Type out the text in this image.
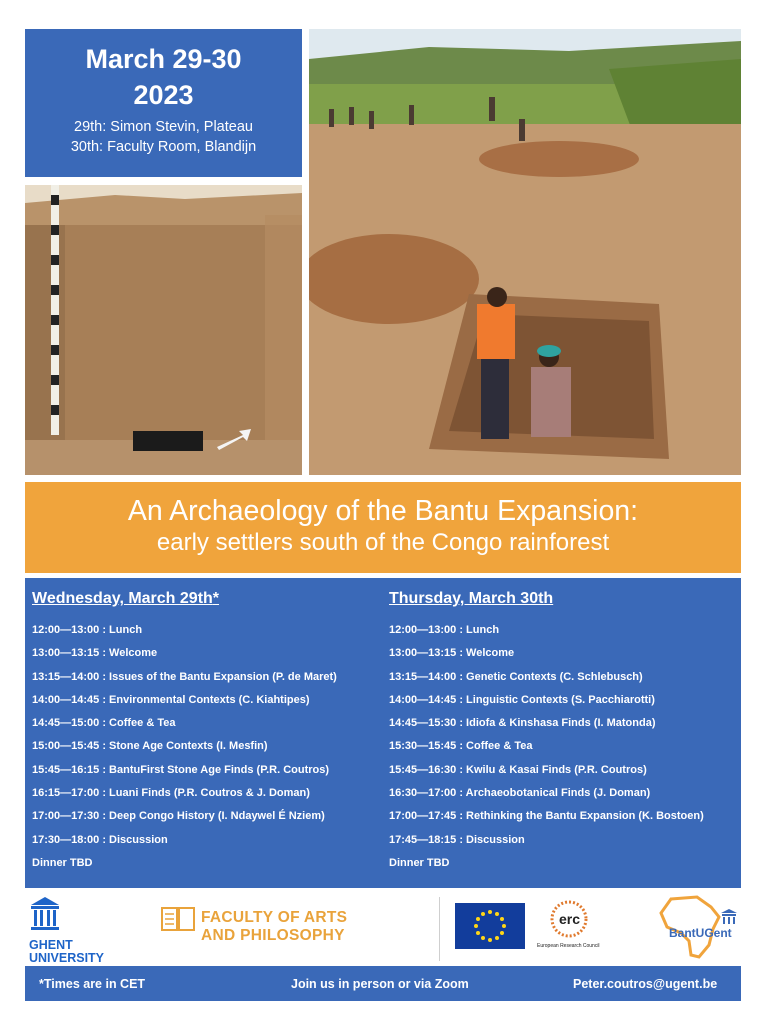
March 29-30
2023
29th: Simon Stevin, Plateau
30th: Faculty Room, Blandijn
An Archaeology of the Bantu Expansion:
early settlers south of the Congo rainforest
Wednesday, March 29th*
12:00—13:00 : Lunch
13:00—13:15 : Welcome
13:15—14:00 : Issues of the Bantu Expansion (P. de Maret)
14:00—14:45 : Environmental Contexts (C. Kiahtipes)
14:45—15:00 : Coffee & Tea
15:00—15:45 : Stone Age Contexts (I. Mesfin)
15:45—16:15 : BantuFirst Stone Age Finds (P.R. Coutros)
16:15—17:00 : Luani Finds (P.R. Coutros & J. Doman)
17:00—17:30 : Deep Congo History (I. Ndaywel É Nziem)
17:30—18:00 : Discussion
Dinner TBD
Thursday, March 30th
12:00—13:00 : Lunch
13:00—13:15 : Welcome
13:15—14:00 : Genetic Contexts (C. Schlebusch)
14:00—14:45 : Linguistic Contexts (S. Pacchiarotti)
14:45—15:30 : Idiofa & Kinshasa Finds (I. Matonda)
15:30—15:45 : Coffee & Tea
15:45—16:30 : Kwilu & Kasai Finds (P.R. Coutros)
16:30—17:00 : Archaeobotanical Finds (J. Doman)
17:00—17:45 : Rethinking the Bantu Expansion (K. Bostoen)
17:45—18:15 : Discussion
Dinner TBD
GHENT
UNIVERSITY
FACULTY OF ARTS
AND PHILOSOPHY
erc
European Research Council
BantUGent
*Times are in CET	Join us in person or via Zoom	Peter.coutros@ugent.be
